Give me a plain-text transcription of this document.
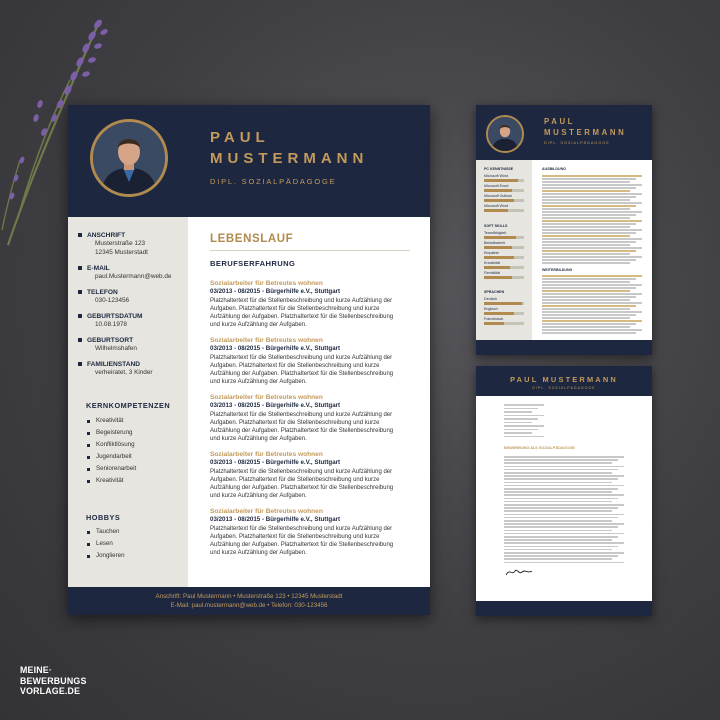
PAUL
MUSTERMANN
DIPL. SOZIALPÄDAGOGE
ANSCHRIFT
Musterstraße 123
12345 Musterstadt
E-MAIL
paul.Mustermann@web.de
TELEFON
030-123456
GEBURTSDATUM
10.08.1978
GEBURTSORT
Wilhelmshafen
FAMILIENSTAND
verheiratet, 3 Kinder
KERNKOMPETENZEN
Kreativität
Begeisterung
Konfliktlösung
Jugendarbeit
Seniorenarbeit
Kreativität
HOBBYS
Tauchen
Lesen
Jonglieren
LEBENSLAUF
BERUFSERFAHRUNG
Sozialarbeiter für Betreutes wohnen
03/2013 - 08/2015 - Bürgerhilfe e.V., Stuttgart
Platzhaltertext für die Stellenbeschreibung und kurze Aufzählung der
Aufgaben. Platzhaltertext für die Stellenbeschreibung und kurze
Aufzählung der Aufgaben. Platzhaltertext für die Stellenbeschreibung
und kurze Aufzählung der Aufgaben.
Sozialarbeiter für Betreutes wohnen
03/2013 - 08/2015 - Bürgerhilfe e.V., Stuttgart
Platzhaltertext für die Stellenbeschreibung und kurze Aufzählung der
Aufgaben. Platzhaltertext für die Stellenbeschreibung und kurze
Aufzählung der Aufgaben. Platzhaltertext für die Stellenbeschreibung
und kurze Aufzählung der Aufgaben.
Sozialarbeiter für Betreutes wohnen
03/2013 - 08/2015 - Bürgerhilfe e.V., Stuttgart
Platzhaltertext für die Stellenbeschreibung und kurze Aufzählung der
Aufgaben. Platzhaltertext für die Stellenbeschreibung und kurze
Aufzählung der Aufgaben. Platzhaltertext für die Stellenbeschreibung
und kurze Aufzählung der Aufgaben.
Sozialarbeiter für Betreutes wohnen
03/2013 - 08/2015 - Bürgerhilfe e.V., Stuttgart
Platzhaltertext für die Stellenbeschreibung und kurze Aufzählung der
Aufgaben. Platzhaltertext für die Stellenbeschreibung und kurze
Aufzählung der Aufgaben. Platzhaltertext für die Stellenbeschreibung
und kurze Aufzählung der Aufgaben.
Sozialarbeiter für Betreutes wohnen
03/2013 - 08/2015 - Bürgerhilfe e.V., Stuttgart
Platzhaltertext für die Stellenbeschreibung und kurze Aufzählung der
Aufgaben. Platzhaltertext für die Stellenbeschreibung und kurze
Aufzählung der Aufgaben. Platzhaltertext für die Stellenbeschreibung
und kurze Aufzählung der Aufgaben.
Anschrift: Paul Mustermann • Musterstraße 123 • 12345 Musterstadt
E-Mail: paul.mustermann@web.de • Telefon: 030-123456
PAUL
MUSTERMANN
DIPL. SOZIALPÄDAGOGE
PC KENNTNISSE
Microsoft Word
Microsoft Excel
Microsoft Outlook
Microsoft Word
SOFT SKILLS
Teamfähigkeit
Belastbarkeit
Empathie
Kreativität
Flexibilität
SPRACHEN
Deutsch
Englisch
Französisch
AUSBILDUNG
WEITERBILDUNG
PAUL MUSTERMANN
DIPL. SOZIALPÄDAGOGE
BEWERBUNG ALS SOZIALPÄDAGOGE
MEINE·
BEWERBUNGS
VORLAGE.DE
